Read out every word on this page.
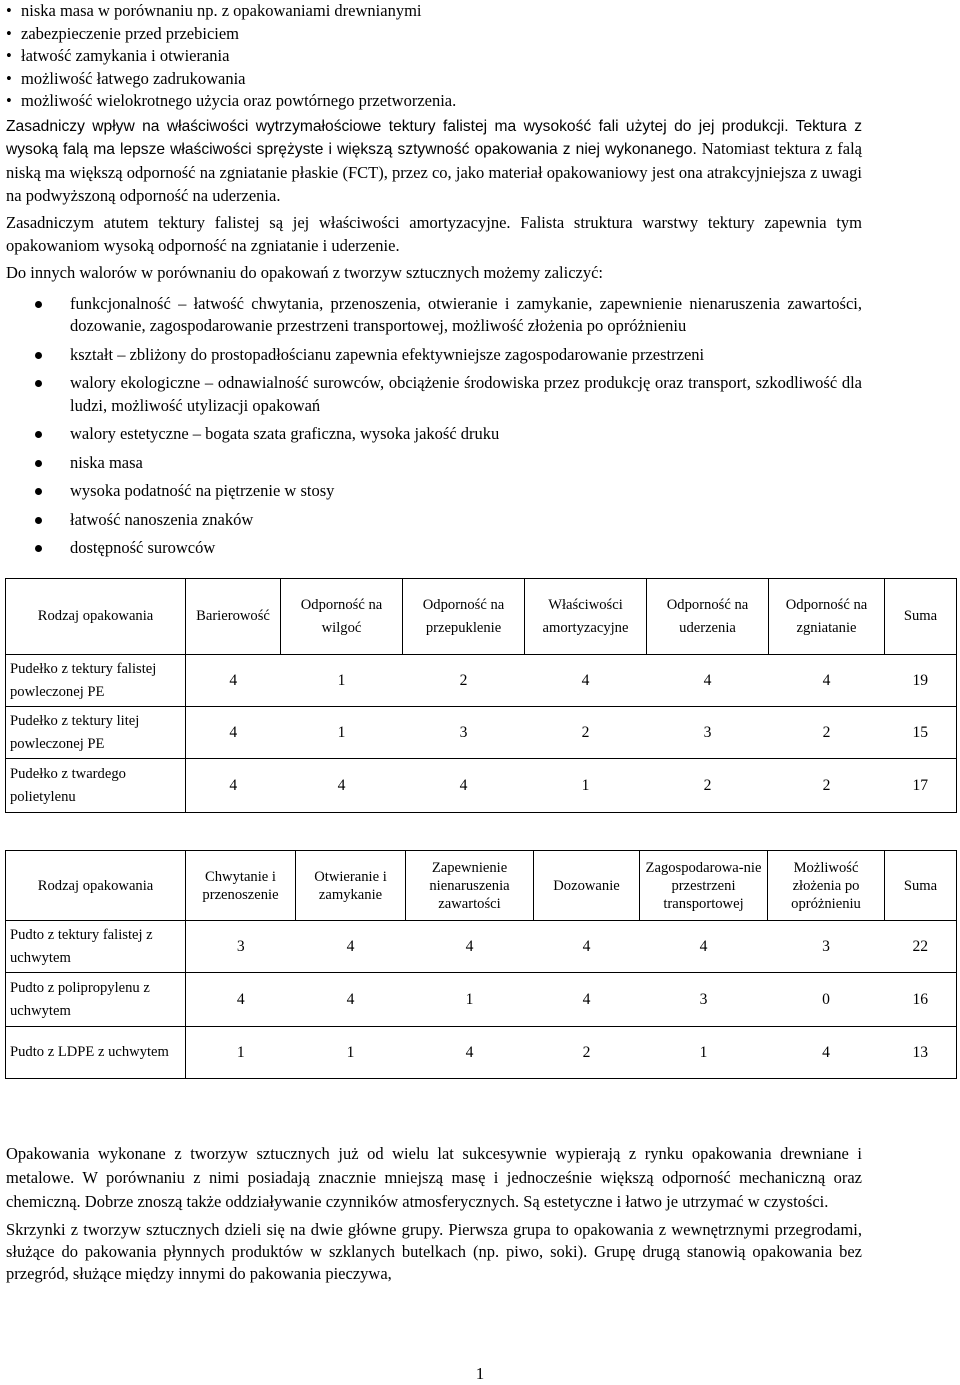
• niska masa w porównaniu np. z opakowaniami drewnianymi
• zabezpieczenie przed przebiciem
• łatwość zamykania i otwierania
• możliwość łatwego zadrukowania
• możliwość wielokrotnego użycia oraz powtórnego przetworzenia.

Zasadniczy wpływ na właściwości wytrzymałościowe tektury falistej ma wysokość fali użytej do jej produkcji. Tektura z wysoką falą ma lepsze właściwości sprężyste i większą sztywność opakowania z niej wykonanego. Natomiast tektura z falą niską ma większą odporność na zgniatanie płaskie (FCT), przez co, jako materiał opakowaniowy jest ona atrakcyjniejsza z uwagi na podwyższoną odporność na uderzenia.

Zasadniczym atutem tektury falistej są jej właściwości amortyzacyjne. Falista struktura warstwy tektury zapewnia tym opakowaniom wysoką odporność na zgniatanie i uderzenie.

Do innych walorów w porównaniu do opakowań z tworzyw sztucznych możemy zaliczyć:

funkcjonalność – łatwość chwytania, przenoszenia, otwieranie i zamykanie, zapewnienie nienaruszenia zawartości, dozowanie, zagospodarowanie przestrzeni transportowej, możliwość złożenia po opróżnieniu
kształt – zbliżony do prostopadłościanu zapewnia efektywniejsze zagospodarowanie przestrzeni
walory ekologiczne – odnawialność surowców, obciążenie środowiska przez produkcję oraz transport, szkodliwość dla ludzi, możliwość utylizacji opakowań
walory estetyczne – bogata szata graficzna, wysoka jakość druku
niska masa
wysoka podatność na piętrzenie w stosy
łatwość nanoszenia znaków
dostępność surowców
Rodzaj opakowania	Barierowość	Odporność na wilgoć	Odporność na przepuklenie	Właściwości amortyzacyjne	Odporność na uderzenia	Odporność na zgniatanie	Suma
Pudełko z tektury falistej powleczonej PE	4	1	2	4	4	4	19
Pudełko z tektury litej powleczonej PE	4	1	3	2	3	2	15
Pudełko z twardego polietylenu	4	4	4	1	2	2	17
Rodzaj opakowania	Chwytanie i przenoszenie	Otwieranie i zamykanie	Zapewnienie nienaruszenia zawartości	Dozowanie	Zagospodarowa-nie przestrzeni transportowej	Możliwość złożenia po opróżnieniu	Suma
Pudto z tektury falistej z uchwytem	3	4	4	4	4	3	22
Pudto z polipropylenu z uchwytem	4	4	1	4	3	0	16
Pudto z LDPE z uchwytem	1	1	4	2	1	4	13

Opakowania wykonane z tworzyw sztucznych już od wielu lat sukcesywnie wypierają z rynku opakowania drewniane i metalowe. W porównaniu z nimi posiadają znacznie mniejszą masę i jednocześnie większą odporność mechaniczną oraz chemiczną. Dobrze znoszą także oddziaływanie czynników atmosferycznych. Są estetyczne i łatwo je utrzymać w czystości.

Skrzynki z tworzyw sztucznych dzieli się na dwie główne grupy. Pierwsza grupa to opakowania z wewnętrznymi przegrodami, służące do pakowania płynnych produktów w szklanych butelkach (np. piwo, soki). Grupę drugą stanowią opakowania bez przegród, służące między innymi do pakowania pieczywa,

1
